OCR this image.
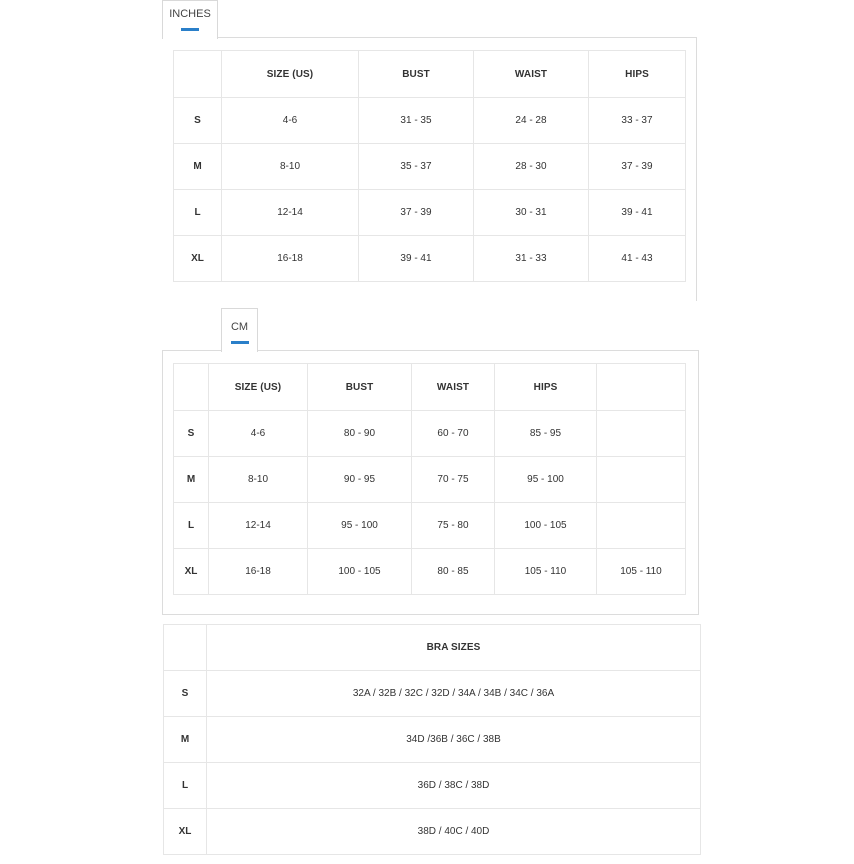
INCHES
	SIZE (US)	BUST	WAIST	HIPS
S	4-6	31 - 35	24 - 28	33 - 37
M	8-10	35 - 37	28 - 30	37 - 39
L	12-14	37 - 39	30 - 31	39 - 41
XL	16-18	39 - 41	31 - 33	41 - 43
CM
	SIZE (US)	BUST	WAIST	HIPS	
S	4-6	80 - 90	60 - 70	85 - 95	
M	8-10	90 - 95	70 - 75	95 - 100	
L	12-14	95 - 100	75 - 80	100 - 105	
XL	16-18	100 - 105	80 - 85	105 - 110	105 - 110
	BRA SIZES
S	32A / 32B / 32C / 32D / 34A / 34B / 34C / 36A
M	34D /36B / 36C / 38B
L	36D / 38C / 38D
XL	38D / 40C / 40D
